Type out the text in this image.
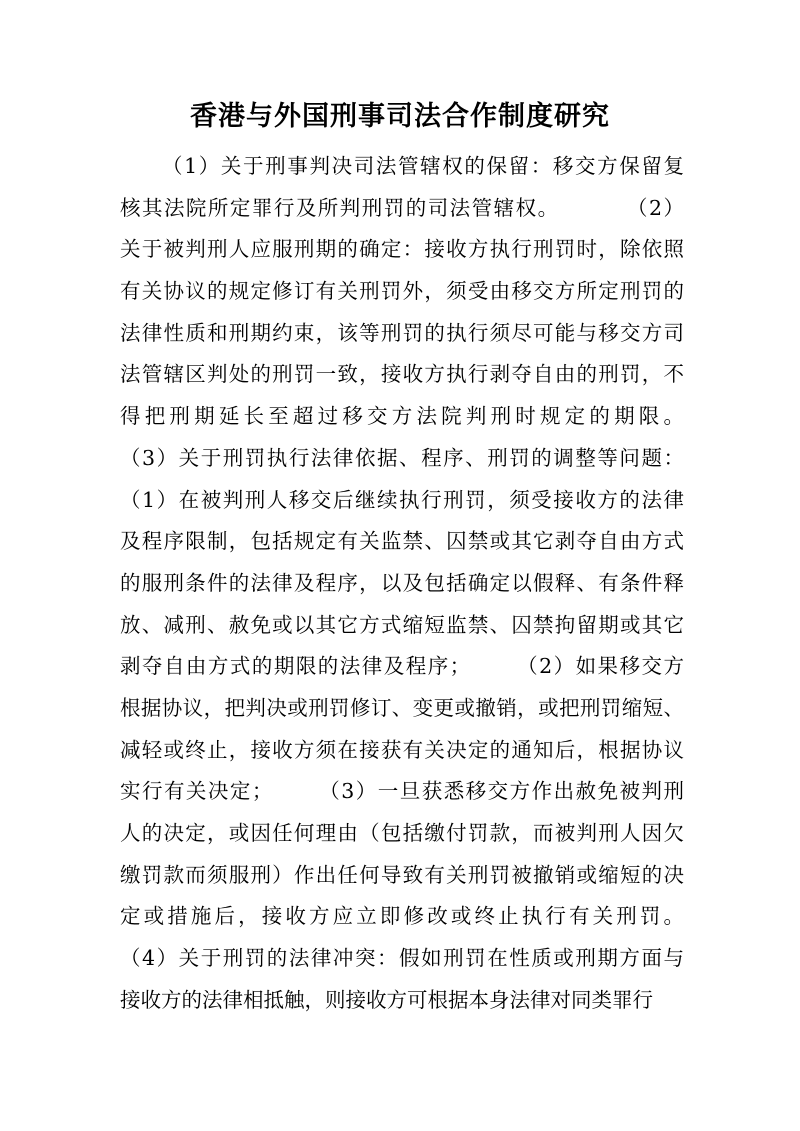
香港与外国刑事司法合作制度研究
（1）关于刑事判决司法管辖权的保留：移交方保留复
核其法院所定罪行及所判刑罚的司法管辖权。　　　　（2）
关于被判刑人应服刑期的确定：接收方执行刑罚时，除依照
有关协议的规定修订有关刑罚外，须受由移交方所定刑罚的
法律性质和刑期约束，该等刑罚的执行须尽可能与移交方司
法管辖区判处的刑罚一致，接收方执行剥夺自由的刑罚，不
得把刑期延长至超过移交方法院判刑时规定的期限。
（3）关于刑罚执行法律依据、程序、刑罚的调整等问题：
（1）在被判刑人移交后继续执行刑罚，须受接收方的法律
及程序限制，包括规定有关监禁、囚禁或其它剥夺自由方式
的服刑条件的法律及程序，以及包括确定以假释、有条件释
放、减刑、赦免或以其它方式缩短监禁、囚禁拘留期或其它
剥夺自由方式的期限的法律及程序；　　　（2）如果移交方
根据协议，把判决或刑罚修订、变更或撤销，或把刑罚缩短、
减轻或终止，接收方须在接获有关决定的通知后，根据协议
实行有关决定；　　　（3）一旦获悉移交方作出赦免被判刑
人的决定，或因任何理由（包括缴付罚款，而被判刑人因欠
缴罚款而须服刑）作出任何导致有关刑罚被撤销或缩短的决
定或措施后，接收方应立即修改或终止执行有关刑罚。
（4）关于刑罚的法律冲突：假如刑罚在性质或刑期方面与
接收方的法律相抵触，则接收方可根据本身法律对同类罪行
